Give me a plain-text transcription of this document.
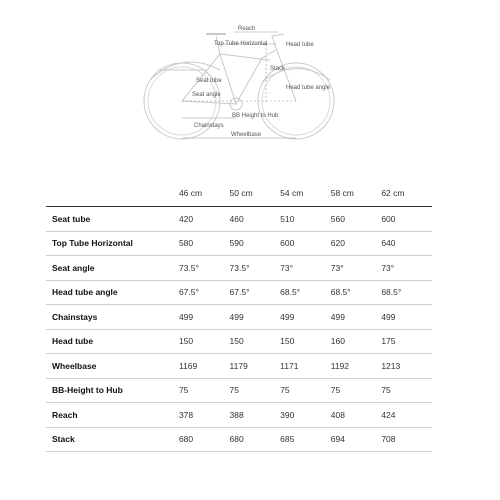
Reach
Top Tube Horizontal	Head tube
Stack
Seat tube
Seat angle
Head tube angle
BB Height to Hub
Chainstays
Wheelbase
	46 cm	50 cm	54 cm	58 cm	62 cm
Seat tube	420	460	510	560	600
Top Tube Horizontal	580	590	600	620	640
Seat angle	73.5°	73.5°	73°	73°	73°
Head tube angle	67.5°	67.5°	68.5°	68.5°	68.5°
Chainstays	499	499	499	499	499
Head tube	150	150	150	160	175
Wheelbase	1169	1179	1171	1192	1213
BB-Height to Hub	75	75	75	75	75
Reach	378	388	390	408	424
Stack	680	680	685	694	708
